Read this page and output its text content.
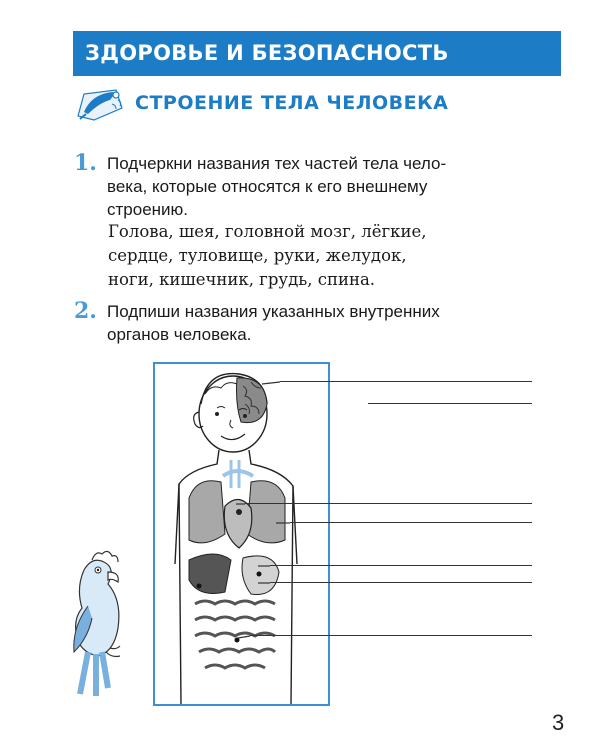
ЗДОРОВЬЕ И БЕЗОПАСНОСТЬ
СТРОЕНИЕ ТЕЛА ЧЕЛОВЕКА
1. Подчеркни названия тех частей тела чело-
века, которые относятся к его внешнему
строению.
Голова, шея, головной мозг, лёгкие,
сердце, туловище, руки, желудок,
ноги, кишечник, грудь, спина.
2. Подпиши названия указанных внутренних
органов человека.
3
